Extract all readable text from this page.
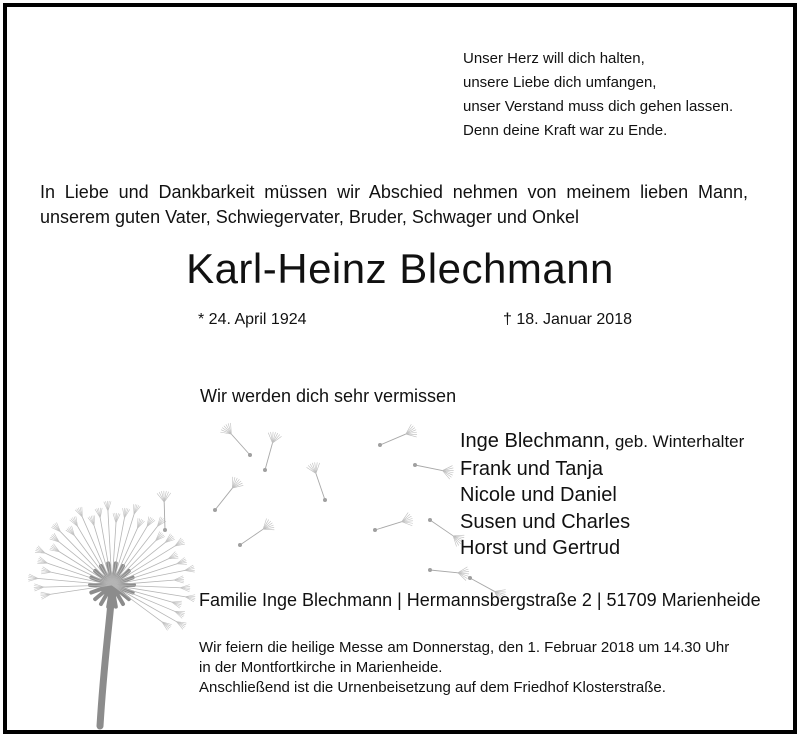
Unser Herz will dich halten,
unsere Liebe dich umfangen,
unser Verstand muss dich gehen lassen.
Denn deine Kraft war zu Ende.
In Liebe und Dankbarkeit müssen wir Abschied nehmen von meinem lieben Mann,
unserem guten Vater, Schwiegervater, Bruder, Schwager und Onkel
Karl-Heinz Blechmann
* 24. April 1924	† 18. Januar 2018
Wir werden dich sehr vermissen
Inge Blechmann, geb. Winterhalter
Frank und Tanja
Nicole und Daniel
Susen und Charles
Horst und Gertrud
Familie Inge Blechmann | Hermannsbergstraße 2 | 51709 Marienheide
Wir feiern die heilige Messe am Donnerstag, den 1. Februar 2018 um 14.30 Uhr
in der Montfortkirche in Marienheide.
Anschließend ist die Urnenbeisetzung auf dem Friedhof Klosterstraße.
